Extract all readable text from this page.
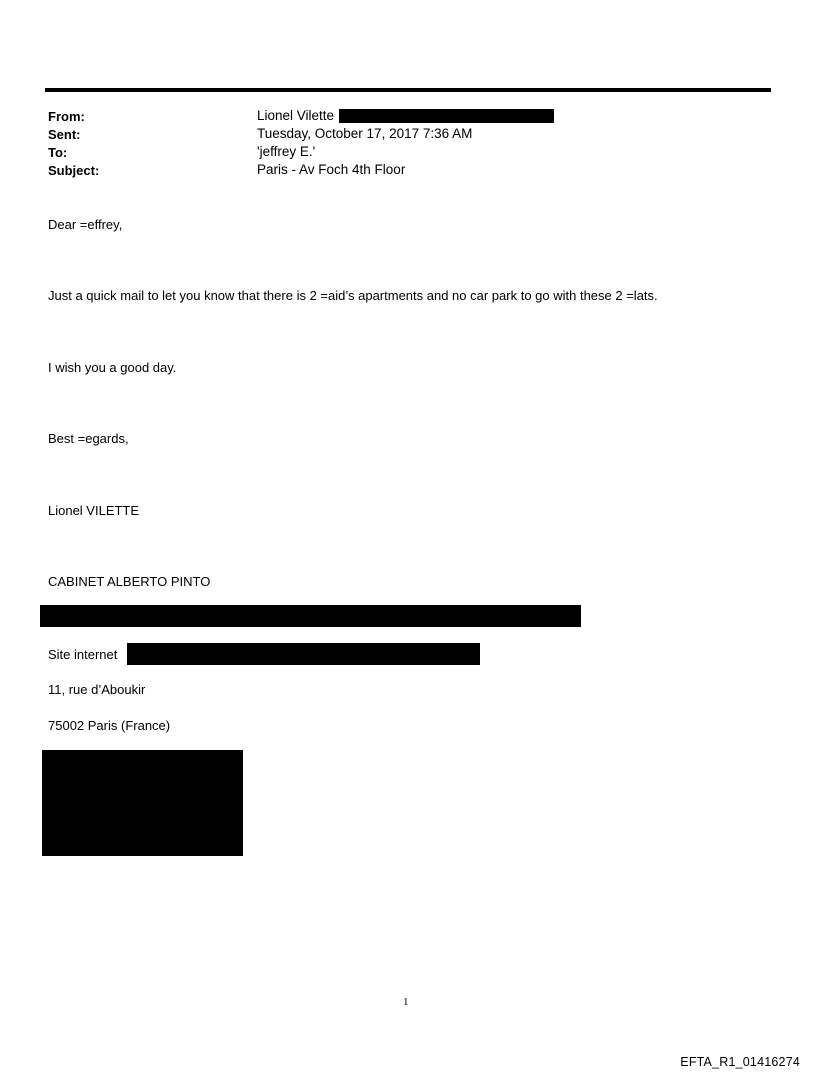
From:	Lionel Vilette
Sent:	Tuesday, October 17, 2017 7:36 AM
To:	'jeffrey E.'
Subject:	Paris - Av Foch 4th Floor
Dear =effrey,
Just a quick mail to let you know that there is 2 =aid’s apartments and no car park to go with these 2 =lats.
I wish you a good day.
Best =egards,
Lionel VILETTE
CABINET ALBERTO PINTO
Site internet
11, rue d’Aboukir
75002 Paris (France)
1
EFTA_R1_01416274
